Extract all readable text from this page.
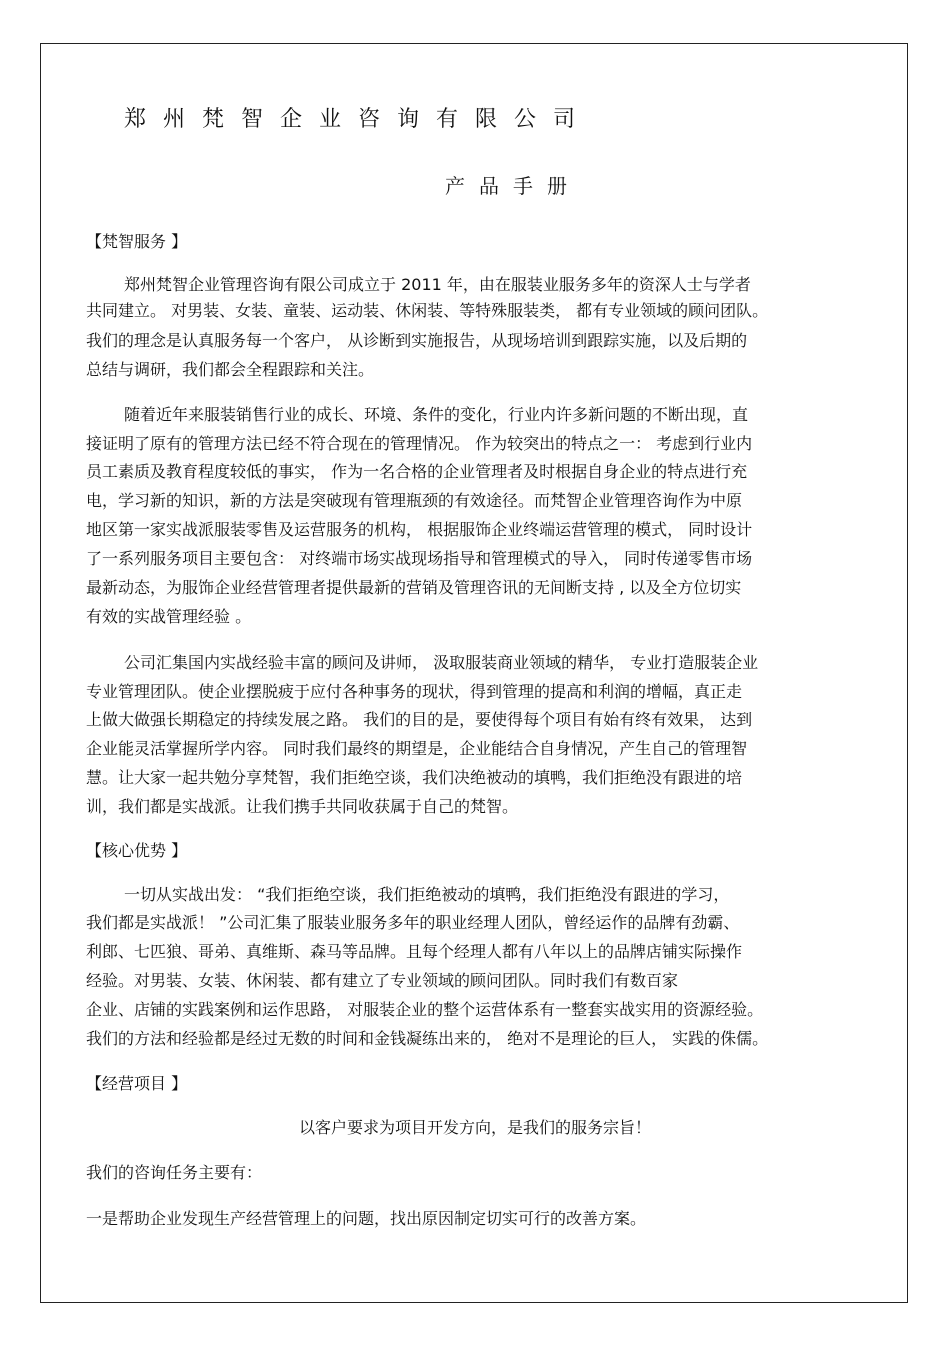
郑州梵智企业咨询有限公司
产品手册
【梵智服务 】
郑州梵智企业管理咨询有限公司成立于 2011 年，由在服装业服务多年的资深人士与学者
共同建立。 对男装、女装、童装、运动装、休闲装、等特殊服装类， 都有专业领域的顾问团队。
我们的理念是认真服务每一个客户， 从诊断到实施报告，从现场培训到跟踪实施，以及后期的
总结与调研，我们都会全程跟踪和关注。
随着近年来服装销售行业的成长、环境、条件的变化，行业内许多新问题的不断出现，直
接证明了原有的管理方法已经不符合现在的管理情况。 作为较突出的特点之一： 考虑到行业内
员工素质及教育程度较低的事实， 作为一名合格的企业管理者及时根据自身企业的特点进行充
电，学习新的知识，新的方法是突破现有管理瓶颈的有效途径。而梵智企业管理咨询作为中原
地区第一家实战派服装零售及运营服务的机构， 根据服饰企业终端运营管理的模式， 同时设计
了一系列服务项目主要包含： 对终端市场实战现场指导和管理模式的导入， 同时传递零售市场
最新动态，为服饰企业经营管理者提供最新的营销及管理咨讯的无间断支持 , 以及全方位切实
有效的实战管理经验 。
公司汇集国内实战经验丰富的顾问及讲师， 汲取服装商业领域的精华， 专业打造服装企业
专业管理团队。使企业摆脱疲于应付各种事务的现状，得到管理的提高和利润的增幅，真正走
上做大做强长期稳定的持续发展之路。 我们的目的是，要使得每个项目有始有终有效果， 达到
企业能灵活掌握所学内容。 同时我们最终的期望是，企业能结合自身情况，产生自己的管理智
慧。让大家一起共勉分享梵智，我们拒绝空谈，我们决绝被动的填鸭，我们拒绝没有跟进的培
训，我们都是实战派。让我们携手共同收获属于自己的梵智。
【核心优势 】
一切从实战出发： “我们拒绝空谈，我们拒绝被动的填鸭，我们拒绝没有跟进的学习，
我们都是实战派！ ”公司汇集了服装业服务多年的职业经理人团队，曾经运作的品牌有劲霸、
利郎、七匹狼、哥弟、真维斯、森马等品牌。且每个经理人都有八年以上的品牌店铺实际操作
经验。对男装、女装、休闲装、都有建立了专业领域的顾问团队。同时我们有数百家
企业、店铺的实践案例和运作思路， 对服装企业的整个运营体系有一整套实战实用的资源经验。
我们的方法和经验都是经过无数的时间和金钱凝练出来的， 绝对不是理论的巨人， 实践的侏儒。
【经营项目 】
以客户要求为项目开发方向，是我们的服务宗旨！
我们的咨询任务主要有：
一是帮助企业发现生产经营管理上的问题，找出原因制定切实可行的改善方案。
